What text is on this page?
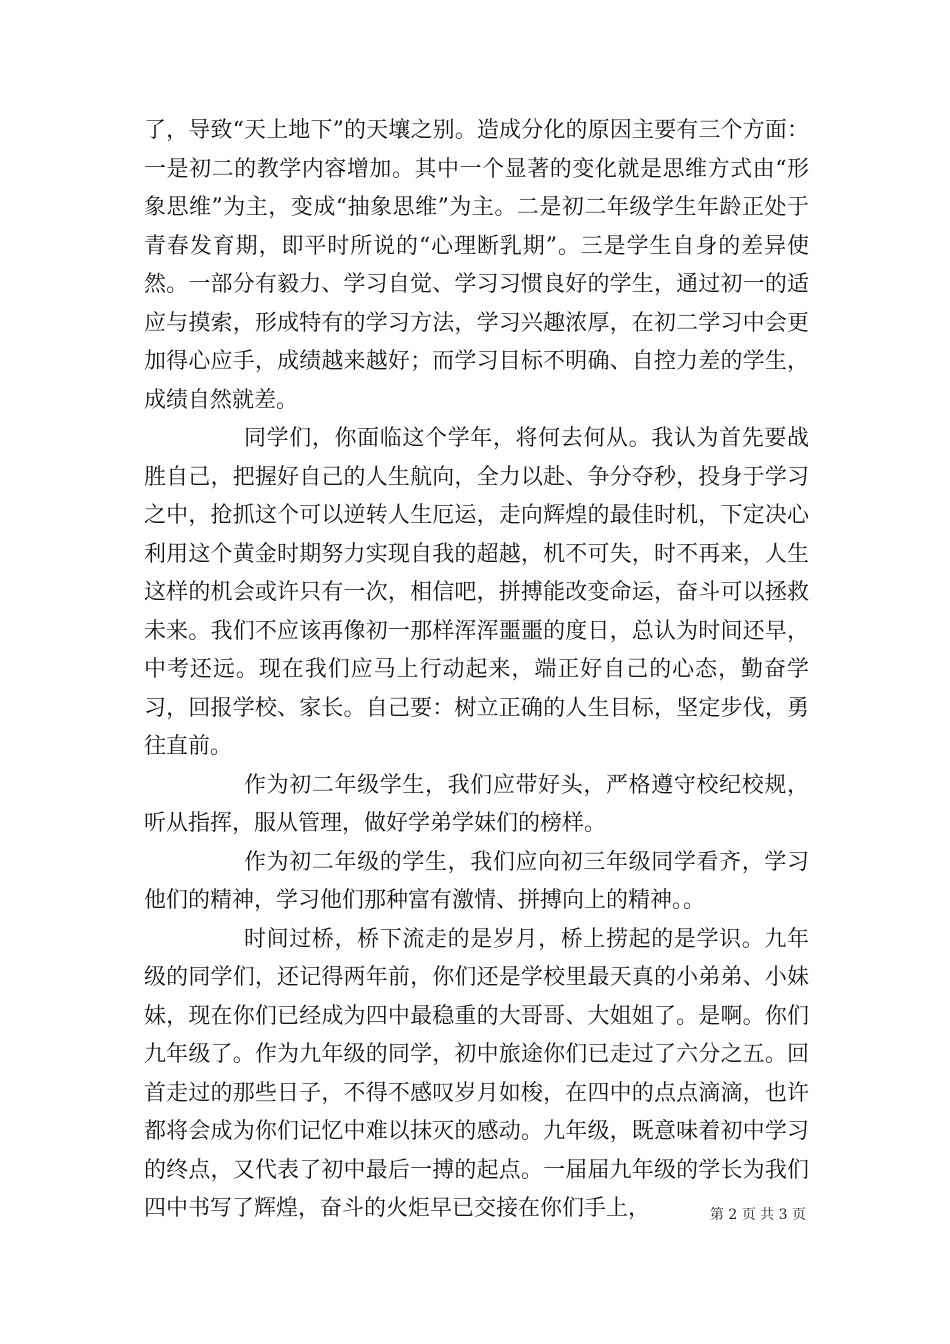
了，导致“天上地下”的天壤之别。造成分化的原因主要有三个方面：一是初二的教学内容增加。其中一个显著的变化就是思维方式由“形象思维”为主，变成“抽象思维”为主。二是初二年级学生年龄正处于青春发育期，即平时所说的“心理断乳期”。三是学生自身的差异使然。一部分有毅力、学习自觉、学习习惯良好的学生，通过初一的适应与摸索，形成特有的学习方法，学习兴趣浓厚，在初二学习中会更加得心应手，成绩越来越好；而学习目标不明确、自控力差的学生，成绩自然就差。

同学们，你面临这个学年，将何去何从。我认为首先要战胜自己，把握好自己的人生航向，全力以赴、争分夺秒，投身于学习之中，抢抓这个可以逆转人生厄运，走向辉煌的最佳时机，下定决心利用这个黄金时期努力实现自我的超越，机不可失，时不再来，人生这样的机会或许只有一次，相信吧，拼搏能改变命运，奋斗可以拯救未来。我们不应该再像初一那样浑浑噩噩的度日，总认为时间还早，中考还远。现在我们应马上行动起来，端正好自己的心态，勤奋学习，回报学校、家长。自己要：树立正确的人生目标，坚定步伐，勇往直前。

作为初二年级学生，我们应带好头，严格遵守校纪校规，听从指挥，服从管理，做好学弟学妹们的榜样。

作为初二年级的学生，我们应向初三年级同学看齐，学习他们的精神，学习他们那种富有激情、拼搏向上的精神。。

时间过桥，桥下流走的是岁月，桥上捞起的是学识。九年级的同学们，还记得两年前，你们还是学校里最天真的小弟弟、小妹妹，现在你们已经成为四中最稳重的大哥哥、大姐姐了。是啊。你们九年级了。作为九年级的同学，初中旅途你们已走过了六分之五。回首走过的那些日子，不得不感叹岁月如梭，在四中的点点滴滴，也许都将会成为你们记忆中难以抹灭的感动。九年级，既意味着初中学习的终点，又代表了初中最后一搏的起点。一届届九年级的学长为我们四中书写了辉煌，奋斗的火炬早已交接在你们手上，	第 2 页 共 3 页
